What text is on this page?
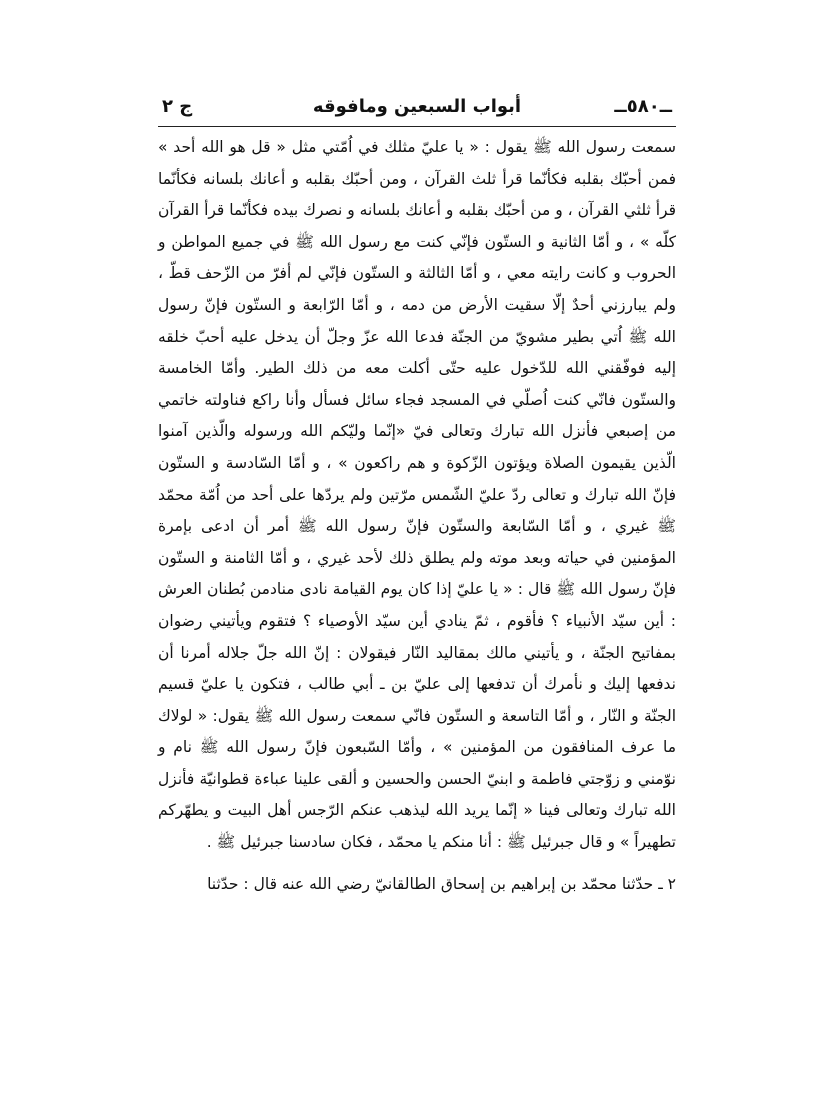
ج ٢	أبواب السبعين ومافوقه	ــ٥٨٠ــ

سمعت رسول الله ﷺ يقول : « يا عليّ مثلك في اُمّتي مثل « قل هو الله أحد » فمن أحبّك بقلبه فكأنّما قرأ ثلث القرآن ، ومن أحبّك بقلبه و أعانك بلسانه فكأنّما قرأ ثلثي القرآن ، و من أحبّك بقلبه و أعانك بلسانه و نصرك بيده فكأنّما قرأ القرآن كلّه » ، و أمّا الثانية و الستّون فإنّي كنت مع رسول الله ﷺ في جميع المواطن و الحروب و كانت رايته معي ، و أمّا الثالثة و الستّون فإنّي لم أفرّ من الزّحف قطّ ، ولم يبارزني أحدٌ إلّا سقيت الأرض من دمه ، و أمّا الرّابعة و الستّون فإنّ رسول الله ﷺ اُتي بطير مشويّ من الجنّة فدعا الله عزّ وجلّ أن يدخل عليه أحبّ خلقه إليه فوفّقني الله للدّخول عليه حتّى أكلت معه من ذلك الطير. وأمّا الخامسة والستّون فانّي كنت اُصلّي في المسجد فجاء سائل فسأل وأنا راكع فناولته خاتمي من إصبعي فأنزل الله تبارك وتعالى فيّ «إنّما وليّكم الله ورسوله والّذين آمنوا الّذين يقيمون الصلاة ويؤتون الزّكوة و هم راكعون » ، و أمّا السّادسة و الستّون فإنّ الله تبارك و تعالى ردّ عليّ الشّمس مرّتين ولم يردّها على أحد من اُمّة محمّد ﷺ غيري ، و أمّا السّابعة والستّون فإنّ رسول الله ﷺ أمر أن ادعى بإمرة المؤمنين في حياته وبعد موته ولم يطلق ذلك لأحد غيري ، و أمّا الثامنة و الستّون فإنّ رسول الله ﷺ قال : « يا عليّ إذا كان يوم القيامة نادى منادمن بُطنان العرش : أين سيّد الأنبياء ؟ فأقوم ، ثمّ ينادي أين سيّد الأوصياء ؟ فتقوم ويأتيني رضوان بمفاتيح الجنّة ، و يأتيني مالك بمقاليد النّار فيقولان : إنّ الله جلّ جلاله أمرنا أن ندفعها إليك و نأمرك أن تدفعها إلى عليّ بن ـ أبي طالب ، فتكون يا عليّ قسيم الجنّة و النّار ، و أمّا التاسعة و الستّون فانّي سمعت رسول الله ﷺ يقول: « لولاك ما عرف المنافقون من المؤمنين » ، وأمّا السّبعون فإنّ رسول الله ﷺ نام و نوّمني و زوّجتي فاطمة و ابنيّ الحسن والحسين و ألقى علينا عباءة قطوانيّة فأنزل الله تبارك وتعالى فينا « إنّما يريد الله ليذهب عنكم الرّجس أهل البيت و يطهّركم تطهيراً » و قال جبرئيل ﷺ : أنا منكم يا محمّد ، فكان سادسنا جبرئيل ﷺ .

٢ ـ حدّثنا محمّد بن إبراهيم بن إسحاق الطالقانيّ رضي الله عنه قال : حدّثنا
